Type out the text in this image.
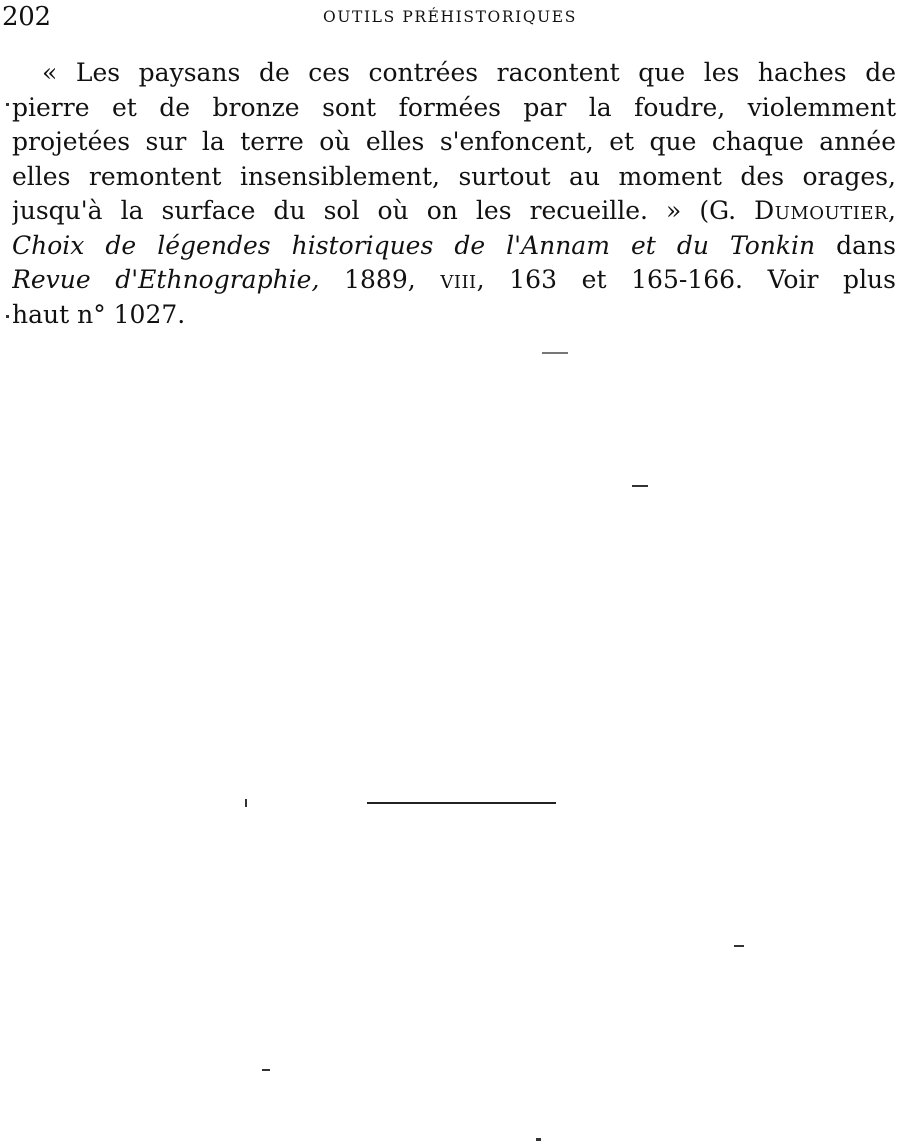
202	OUTILS PRÉHISTORIQUES
« Les paysans de ces contrées racontent que les haches de
pierre et de bronze sont formées par la foudre, violemment
projetées sur la terre où elles s'enfoncent, et que chaque année
elles remontent insensiblement, surtout au moment des orages,
jusqu'à la surface du sol où on les recueille. » (G. Dumoutier,
Choix de légendes historiques de l'Annam et du Tonkin dans
Revue d'Ethnographie, 1889, viii, 163 et 165-166. Voir plus
haut n° 1027.
